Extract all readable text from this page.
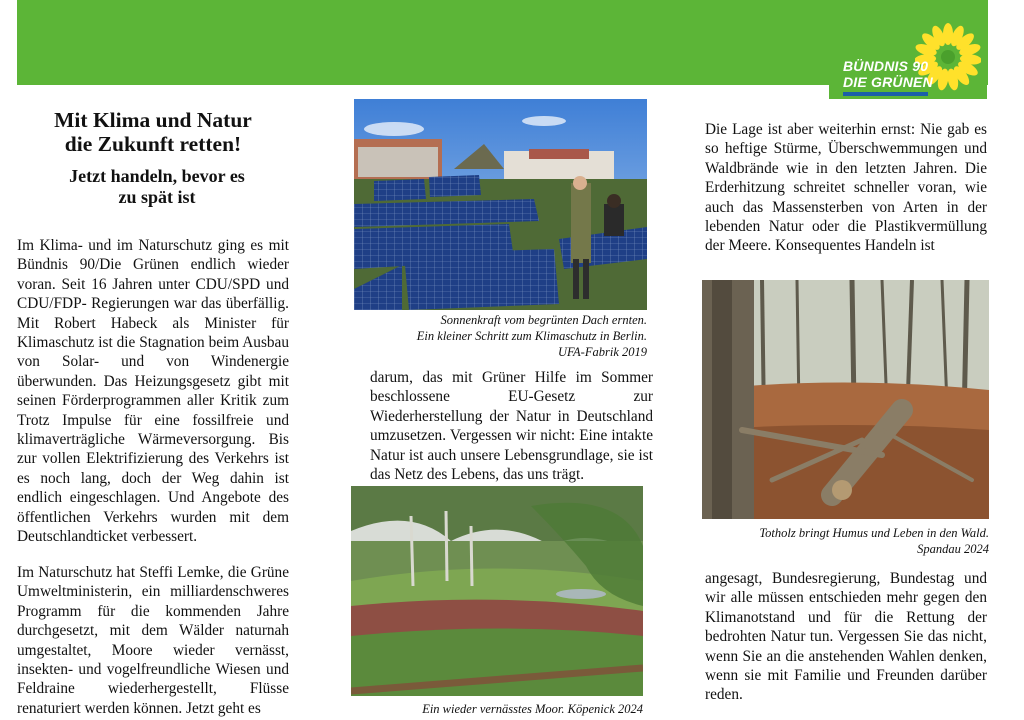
BÜNDNIS 90
DIE GRÜNEN
Mit Klima und Natur
die Zukunft retten!
Jetzt handeln, bevor es
zu spät ist

Im Klima- und im Naturschutz ging es mit Bündnis 90/Die Grünen endlich wieder voran. Seit 16 Jahren unter CDU/SPD und CDU/FDP- Regierungen war das überfällig. Mit Robert Habeck als Minister für Klimaschutz ist die Stagnation beim Ausbau von Solar- und von Windenergie überwunden. Das Heizungsgesetz gibt mit seinen Förderprogrammen aller Kritik zum Trotz Impulse für eine fossilfreie und klimaverträgliche Wärmeversorgung. Bis zur vollen Elektrifizierung des Verkehrs ist es noch lang, doch der Weg dahin ist endlich eingeschlagen. Und Angebote des öffentlichen Verkehrs wurden mit dem Deutschlandticket verbessert.

Im Naturschutz hat Steffi Lemke, die Grüne Umweltministerin, ein milliardenschweres Programm für die kommenden Jahre durchgesetzt, mit dem Wälder naturnah umgestaltet, Moore wieder vernässt, insekten- und vogelfreundliche Wiesen und Feldraine wiederhergestellt, Flüsse renaturiert werden können. Jetzt geht es

Sonnenkraft vom begrünten Dach ernten.
Ein kleiner Schritt zum Klimaschutz in Berlin.
UFA-Fabrik 2019

darum, das mit Grüner Hilfe im Sommer beschlossene EU-Gesetz zur Wiederherstellung der Natur in Deutschland umzusetzen. Vergessen wir nicht: Eine intakte Natur ist auch unsere Lebensgrundlage, sie ist das Netz des Lebens, das uns trägt.

Ein wieder vernässtes Moor. Köpenick 2024

Die Lage ist aber weiterhin ernst: Nie gab es so heftige Stürme, Überschwemmungen und Waldbrände wie in den letzten Jahren. Die Erderhitzung schreitet schneller voran, wie auch das Massensterben von Arten in der lebenden Natur oder die Plastikvermüllung der Meere. Konsequentes Handeln ist

Totholz bringt Humus und Leben in den Wald.
Spandau 2024

angesagt, Bundesregierung, Bundestag und wir alle müssen entschieden mehr gegen den Klimanotstand und für die Rettung der bedrohten Natur tun. Vergessen Sie das nicht, wenn Sie an die anstehenden Wahlen denken, wenn sie mit Familie und Freunden darüber reden.
